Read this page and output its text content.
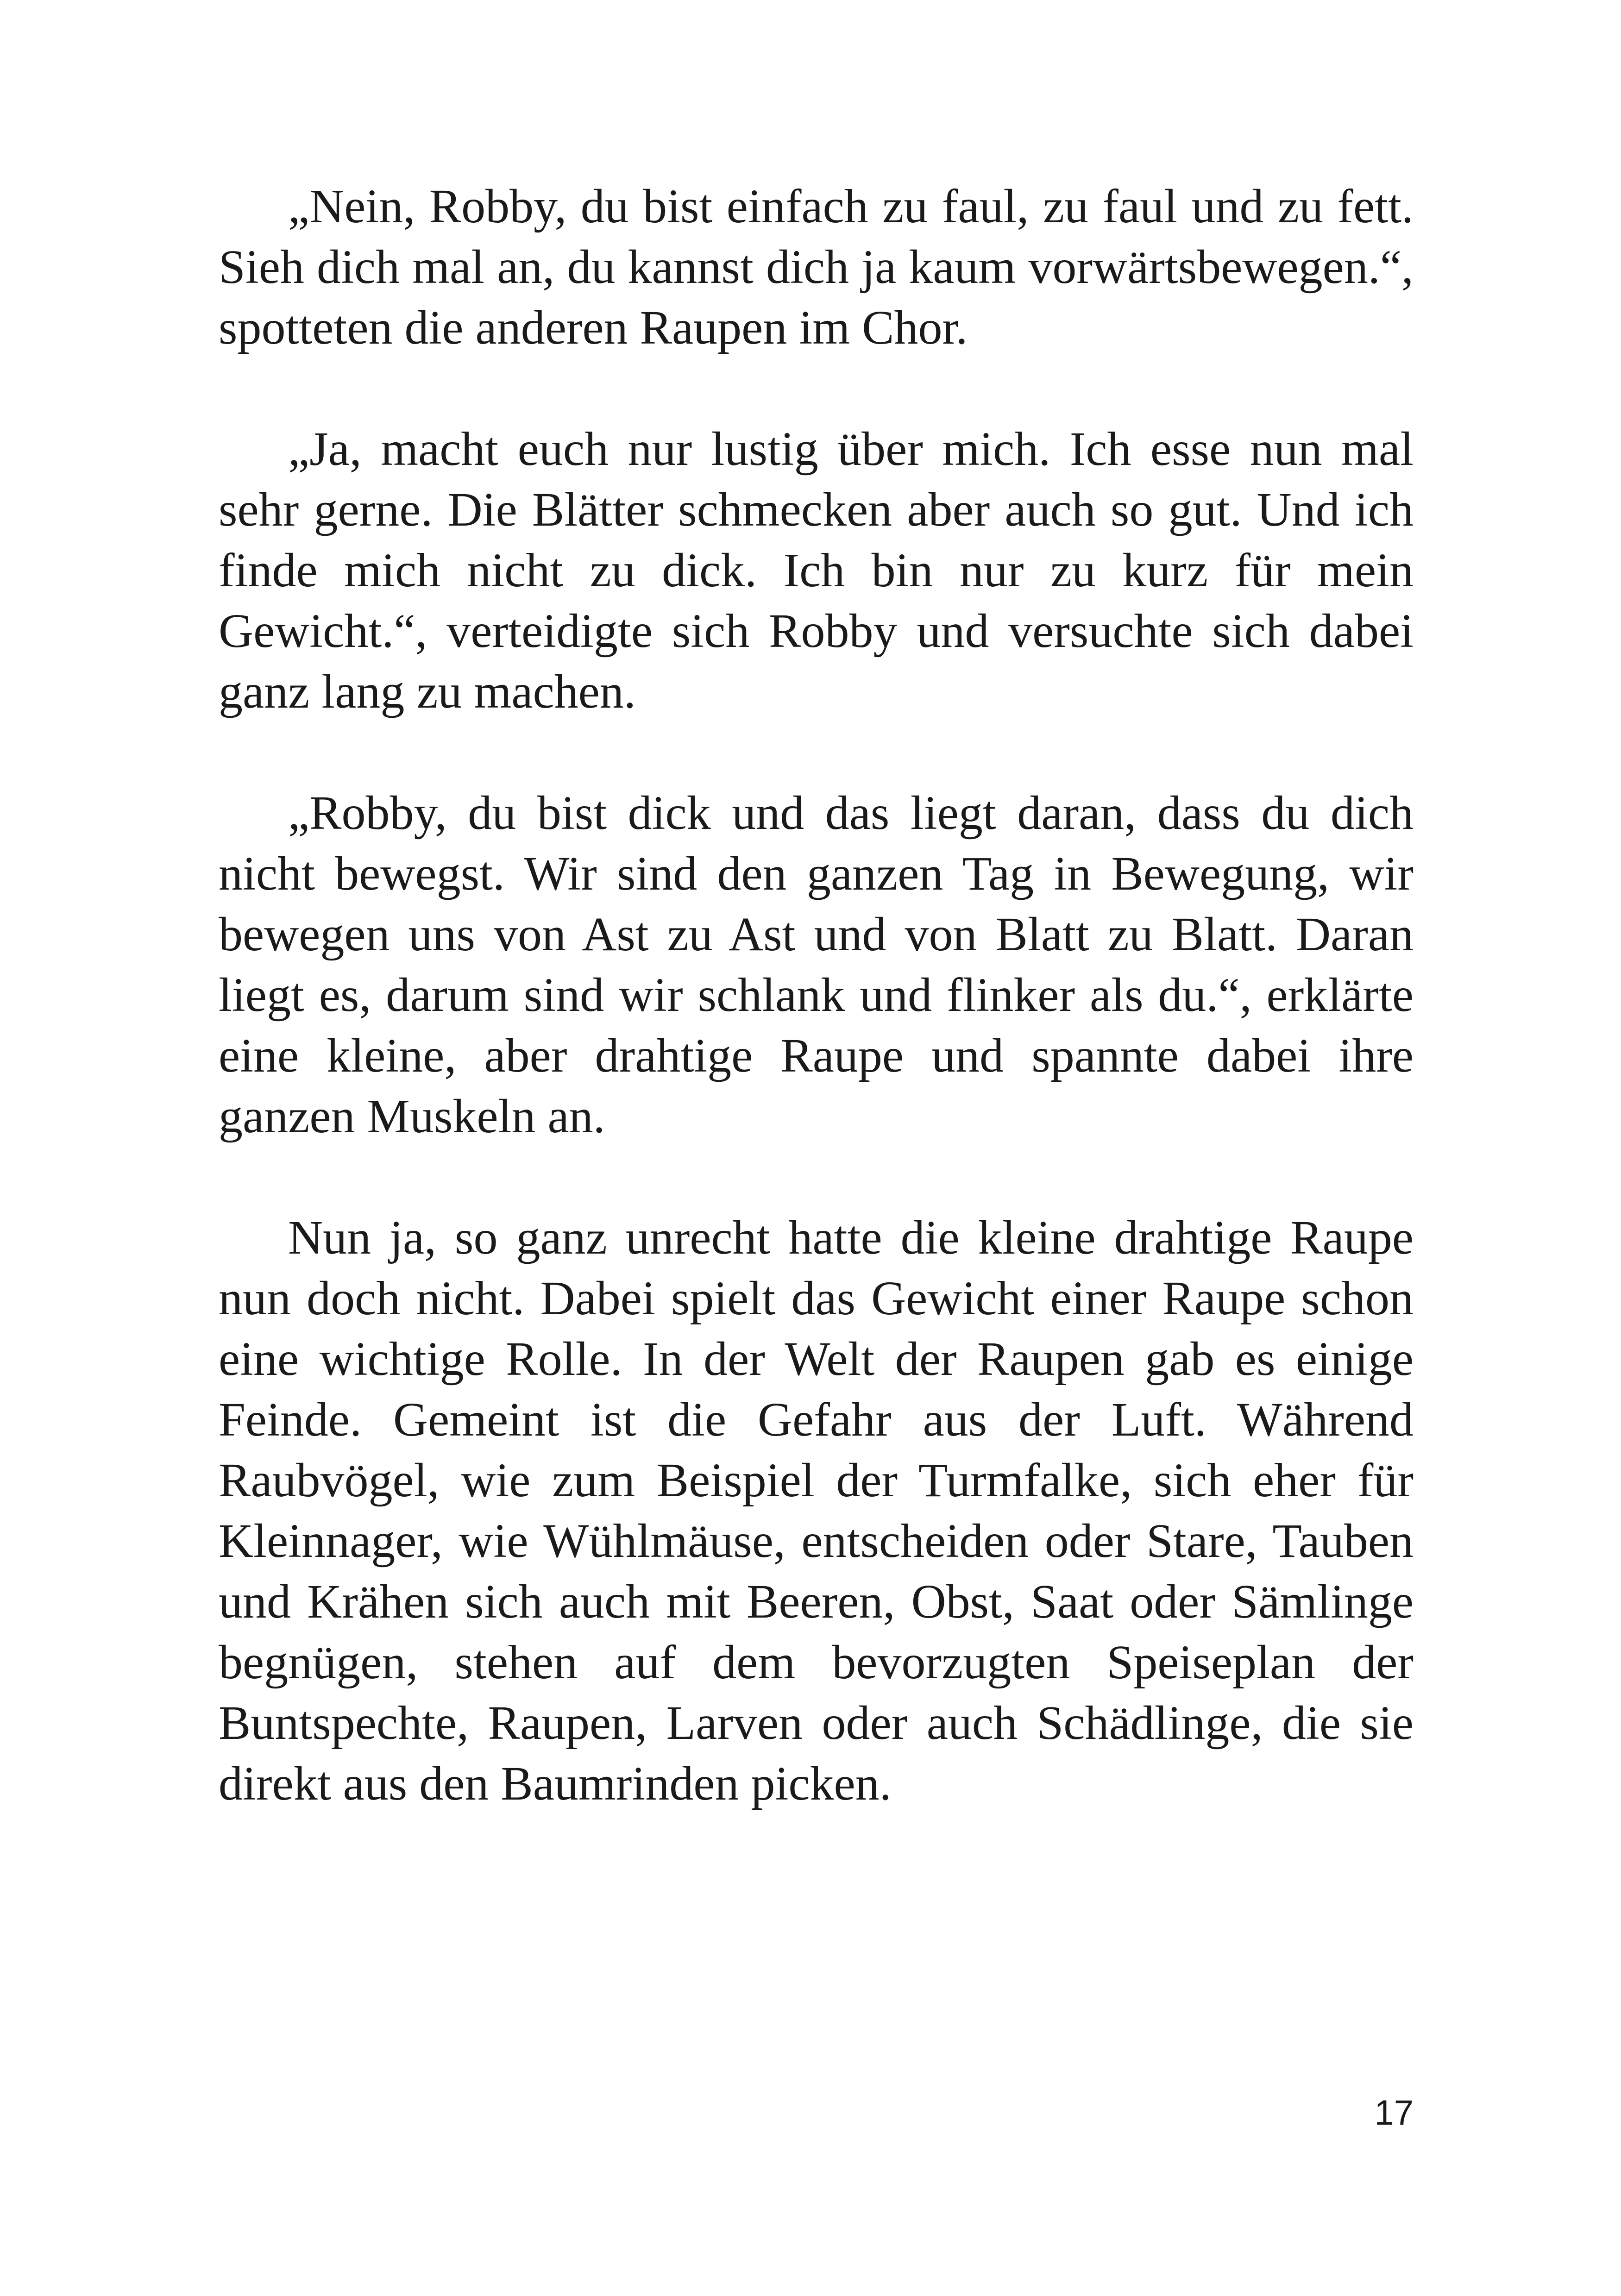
„Nein, Robby, du bist einfach zu faul, zu faul und zu fett. Sieh dich mal an, du kannst dich ja kaum vorwärtsbewegen.“, spotteten die anderen Raupen im Chor.

„Ja, macht euch nur lustig über mich. Ich esse nun mal sehr gerne. Die Blätter schmecken aber auch so gut. Und ich finde mich nicht zu dick. Ich bin nur zu kurz für mein Gewicht.“, verteidigte sich Robby und versuchte sich dabei ganz lang zu machen.

„Robby, du bist dick und das liegt daran, dass du dich nicht bewegst. Wir sind den ganzen Tag in Bewegung, wir bewegen uns von Ast zu Ast und von Blatt zu Blatt. Daran liegt es, darum sind wir schlank und flinker als du.“, erklärte eine kleine, aber drahtige Raupe und spannte dabei ihre ganzen Muskeln an.

Nun ja, so ganz unrecht hatte die kleine drahtige Raupe nun doch nicht. Dabei spielt das Gewicht einer Raupe schon eine wichtige Rolle. In der Welt der Raupen gab es einige Feinde. Gemeint ist die Gefahr aus der Luft. Während Raubvögel, wie zum Beispiel der Turmfalke, sich eher für Kleinnager, wie Wühlmäuse, entscheiden oder Stare, Tauben und Krähen sich auch mit Beeren, Obst, Saat oder Sämlinge begnügen, stehen auf dem bevorzugten Speiseplan der Buntspechte, Raupen, Larven oder auch Schädlinge, die sie direkt aus den Baumrinden picken.

17
